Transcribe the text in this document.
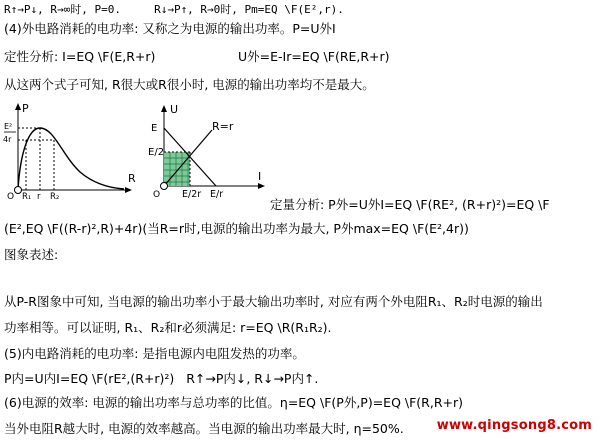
R↑→P↓, R→∞时, P=0.     R↓→P↑, R→0时, Pm=EQ \F(E²,r).
(4)外电路消耗的电功率: 又称之为电源的输出功率。P=U外I
定性分析: I=EQ \F(E,R+r)	U外=E-Ir=EQ \F(RE,R+r)
从这两个式子可知, R很大或R很小时, 电源的输出功率均不是最大。
P
R
E²
4r
O R₁ r R₂
U
I
E
E/2
R=r
O E/2r E/r
定量分析: P外=U外I=EQ \F(RE², (R+r)²)=EQ \F
(E²,EQ \F((R-r)²,R)+4r)(当R=r时,电源的输出功率为最大, P外max=EQ \F(E²,4r))
图象表述:
从P-R图象中可知, 当电源的输出功率小于最大输出功率时, 对应有两个外电阻R₁、R₂时电源的输出
功率相等。可以证明, R₁、R₂和r必须满足: r=EQ \R(R₁R₂).
(5)内电路消耗的电功率: 是指电源内电阻发热的功率。
P内=U内I=EQ \F(rE²,(R+r)²)   R↑→P内↓, R↓→P内↑.
(6)电源的效率: 电源的输出功率与总功率的比值。η=EQ \F(P外,P)=EQ \F(R,R+r)
当外电阻R越大时, 电源的效率越高。当电源的输出功率最大时, η=50%.	www.qingsong8.com
